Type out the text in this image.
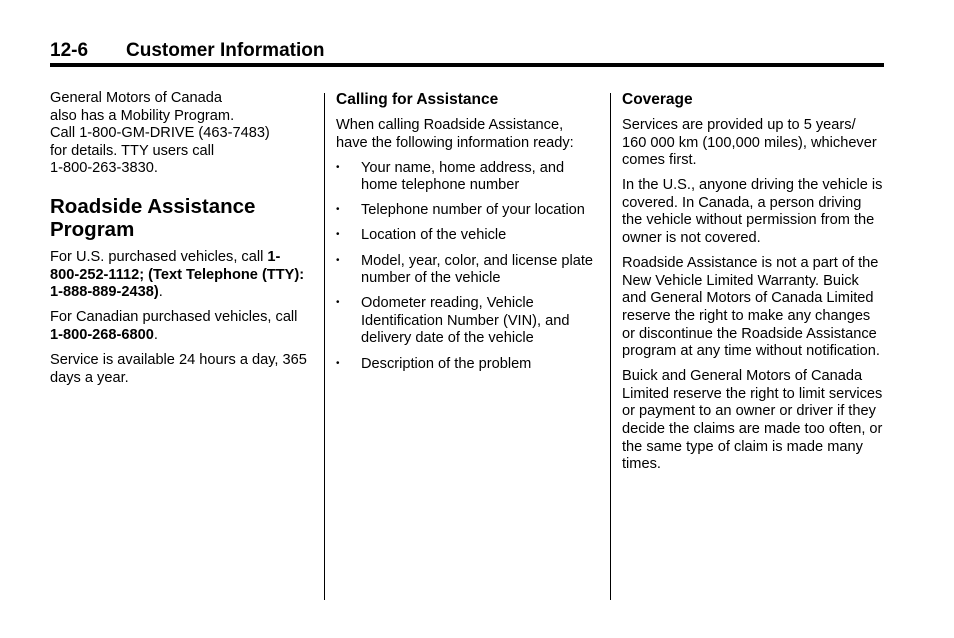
12-6 Customer Information

General Motors of Canada
also has a Mobility Program.
Call 1-800-GM-DRIVE (463-7483)
for details. TTY users call
1-800-263-3830.

Roadside Assistance Program

For U.S. purchased vehicles, call 1-800-252-1112; (Text Telephone (TTY): 1-888-889-2438).

For Canadian purchased vehicles, call 1-800-268-6800.

Service is available 24 hours a day, 365 days a year.

Calling for Assistance

When calling Roadside Assistance, have the following information ready:

• Your name, home address, and home telephone number
• Telephone number of your location
• Location of the vehicle
• Model, year, color, and license plate number of the vehicle
• Odometer reading, Vehicle Identification Number (VIN), and delivery date of the vehicle
• Description of the problem
Coverage

Services are provided up to 5 years/ 160 000 km (100,000 miles), whichever comes first.

In the U.S., anyone driving the vehicle is covered. In Canada, a person driving the vehicle without permission from the owner is not covered.

Roadside Assistance is not a part of the New Vehicle Limited Warranty. Buick and General Motors of Canada Limited reserve the right to make any changes or discontinue the Roadside Assistance program at any time without notification.

Buick and General Motors of Canada Limited reserve the right to limit services or payment to an owner or driver if they decide the claims are made too often, or the same type of claim is made many times.
